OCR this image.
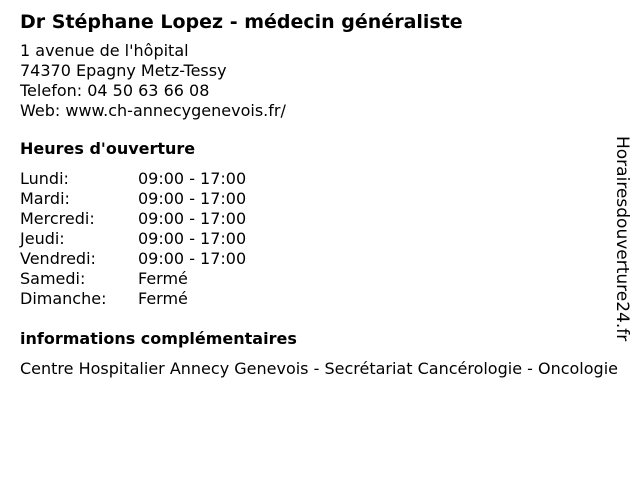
Dr Stéphane Lopez - médecin généraliste
1 avenue de l'hôpital
74370 Epagny Metz-Tessy
Telefon: 04 50 63 66 08
Web: www.ch-annecygenevois.fr/
Heures d'ouverture
Lundi:	09:00 - 17:00
Mardi:	09:00 - 17:00
Mercredi:	09:00 - 17:00
Jeudi:	09:00 - 17:00
Vendredi:	09:00 - 17:00
Samedi:	Fermé
Dimanche:	Fermé
informations complémentaires
Centre Hospitalier Annecy Genevois - Secrétariat Cancérologie - Oncologie
Horairesdouverture24.fr
